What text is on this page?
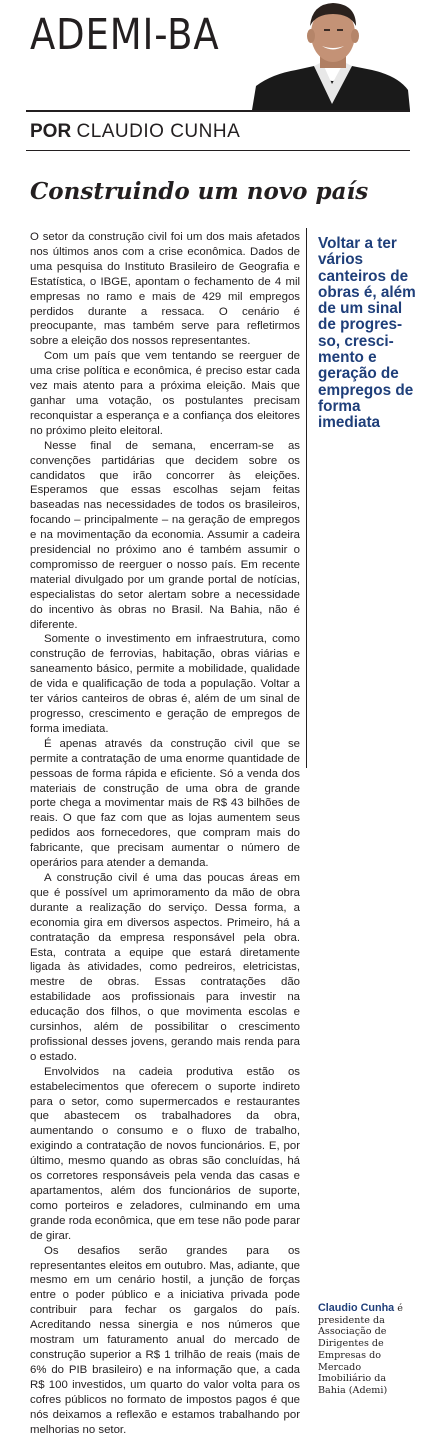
ADEMI-BA
POR CLAUDIO CUNHA
Construindo um novo país

O setor da construção civil foi um dos mais afetados nos últimos anos com a crise econômica. Dados de uma pesquisa do Instituto Brasileiro de Geografia e Estatística, o IBGE, apontam o fechamento de 4 mil empresas no ramo e mais de 429 mil empregos perdidos durante a ressaca. O cenário é preocupante, mas também serve para refletirmos sobre a eleição dos nossos representantes.

Com um país que vem tentando se reerguer de uma crise política e econômica, é preciso estar cada vez mais atento para a próxima eleição. Mais que ganhar uma votação, os postulantes precisam reconquistar a esperança e a confiança dos eleitores no próximo pleito eleitoral.

Nesse final de semana, encerram-se as convenções partidárias que decidem sobre os candidatos que irão concorrer às eleições. Esperamos que essas escolhas sejam feitas baseadas nas necessidades de todos os brasileiros, focando – principalmente – na geração de empregos e na movimentação da economia. Assumir a cadeira presidencial no próximo ano é também assumir o compromisso de reerguer o nosso país. Em recente material divulgado por um grande portal de notícias, especialistas do setor alertam sobre a necessidade do incentivo às obras no Brasil. Na Bahia, não é diferente.

Somente o investimento em infraestrutura, como construção de ferrovias, habitação, obras viárias e saneamento básico, permite a mobilidade, qualidade de vida e qualificação de toda a população. Voltar a ter vários canteiros de obras é, além de um sinal de progresso, crescimento e geração de empregos de forma imediata.

É apenas através da construção civil que se permite a contratação de uma enorme quantidade de pessoas de forma rápida e eficiente. Só a venda dos materiais de construção de uma obra de grande porte chega a movimentar mais de R$ 43 bilhões de reais. O que faz com que as lojas aumentem seus pedidos aos fornecedores, que compram mais do fabricante, que precisam aumentar o número de operários para atender a demanda.

A construção civil é uma das poucas áreas em que é possível um aprimoramento da mão de obra durante a realização do serviço. Dessa forma, a economia gira em diversos aspectos. Primeiro, há a contratação da empresa responsável pela obra. Esta, contrata a equipe que estará diretamente ligada às atividades, como pedreiros, eletricistas, mestre de obras. Essas contratações dão estabilidade aos profissionais para investir na educação dos filhos, o que movimenta escolas e cursinhos, além de possibilitar o crescimento profissional desses jovens, gerando mais renda para o estado.

Envolvidos na cadeia produtiva estão os estabelecimentos que oferecem o suporte indireto para o setor, como supermercados e restaurantes que abastecem os trabalhadores da obra, aumentando o consumo e o fluxo de trabalho, exigindo a contratação de novos funcionários. E, por último, mesmo quando as obras são concluídas, há os corretores responsáveis pela venda das casas e apartamentos, além dos funcionários de suporte, como porteiros e zeladores, culminando em uma grande roda econômica, que em tese não pode parar de girar.

Os desafios serão grandes para os representantes eleitos em outubro. Mas, adiante, que mesmo em um cenário hostil, a junção de forças entre o poder público e a iniciativa privada pode contribuir para fechar os gargalos do país. Acreditando nessa sinergia e nos números que mostram um faturamento anual do mercado de construção superior a R$ 1 trilhão de reais (mais de 6% do PIB brasileiro) e na informação que, a cada R$ 100 investidos, um quarto do valor volta para os cofres públicos no formato de impostos pagos é que nós deixamos a reflexão e estamos trabalhando por melhorias no setor.

Voltar a ter vários canteiros de obras é, além de um sinal de progres-so, cresci-mento e geração de empregos de forma imediata
Claudio Cunha é presidente da Associação de Dirigentes de Empresas do Mercado Imobiliário da Bahia (Ademi)
